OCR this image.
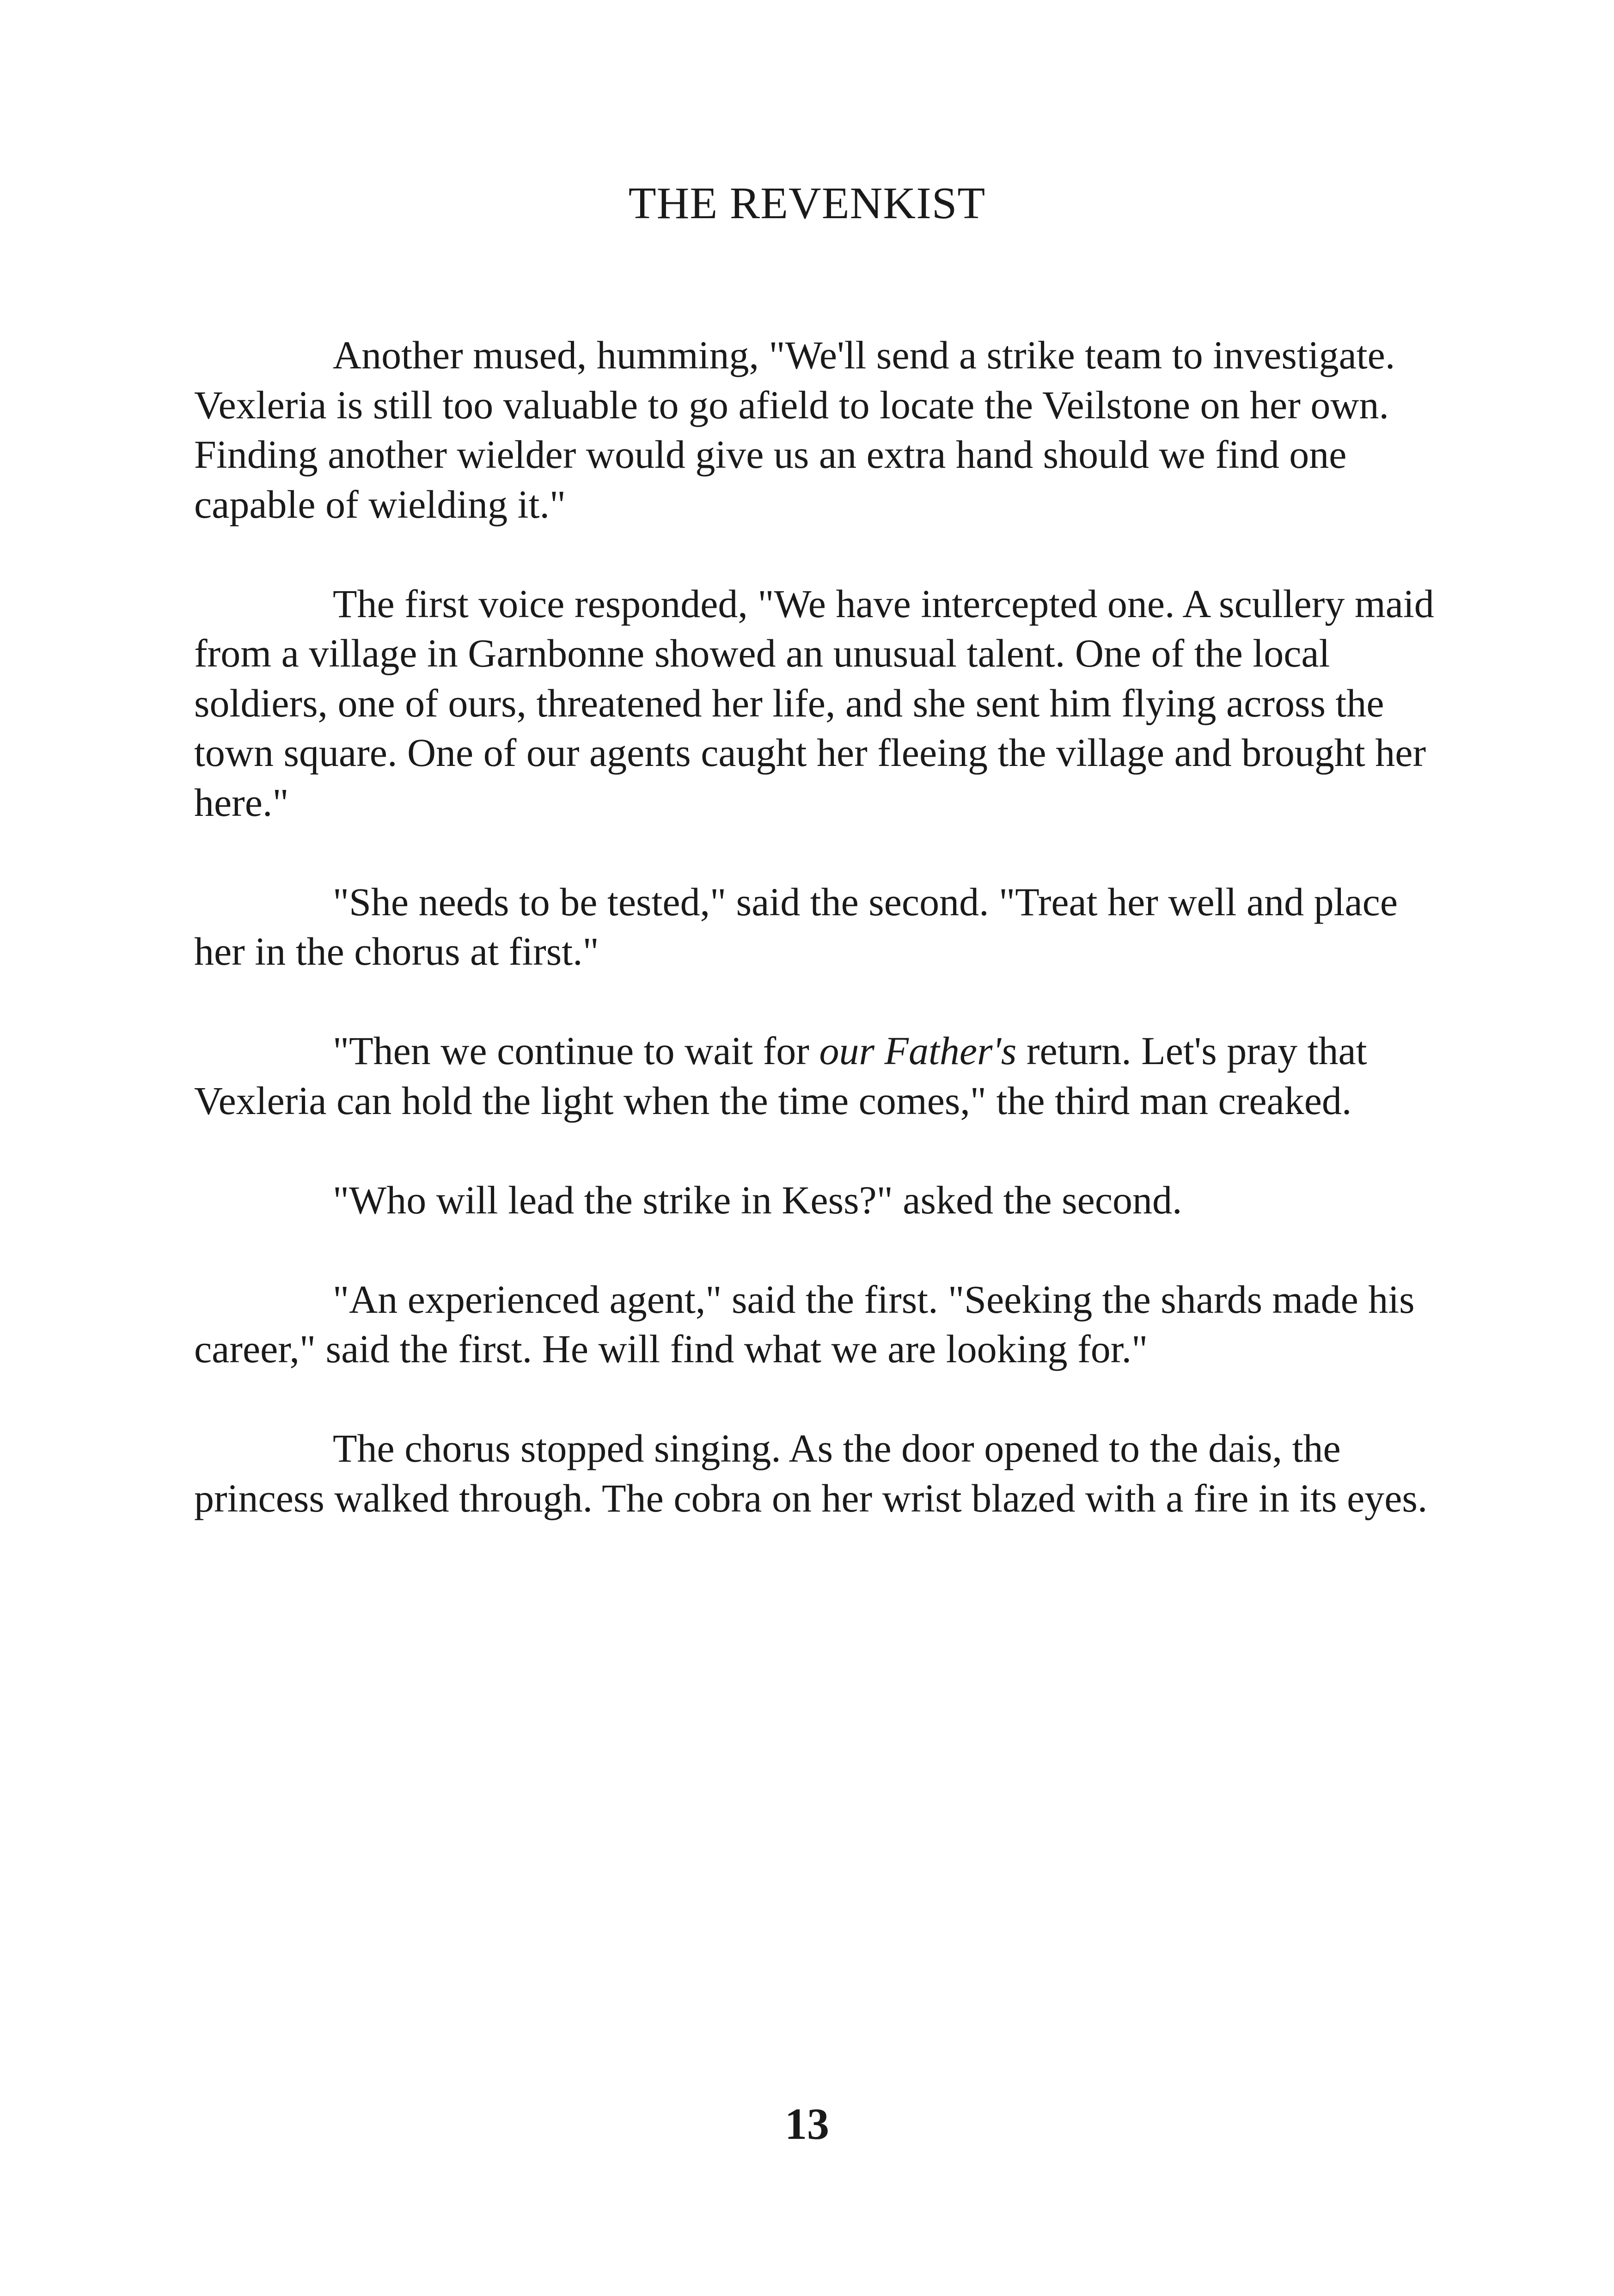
THE REVENKIST

Another mused, humming, "We'll send a strike team to investigate. Vexleria is still too valuable to go afield to locate the Veilstone on her own. Finding another wielder would give us an extra hand should we find one capable of wielding it."

The first voice responded, "We have intercepted one. A scullery maid from a village in Garnbonne showed an unusual talent. One of the local soldiers, one of ours, threatened her life, and she sent him flying across the town square. One of our agents caught her fleeing the village and brought her here."

"She needs to be tested," said the second. "Treat her well and place her in the chorus at first."

"Then we continue to wait for our Father's return. Let's pray that Vexleria can hold the light when the time comes," the third man creaked.

"Who will lead the strike in Kess?" asked the second.

"An experienced agent," said the first. "Seeking the shards made his career," said the first. He will find what we are looking for."

The chorus stopped singing. As the door opened to the dais, the princess walked through. The cobra on her wrist blazed with a fire in its eyes.

13
